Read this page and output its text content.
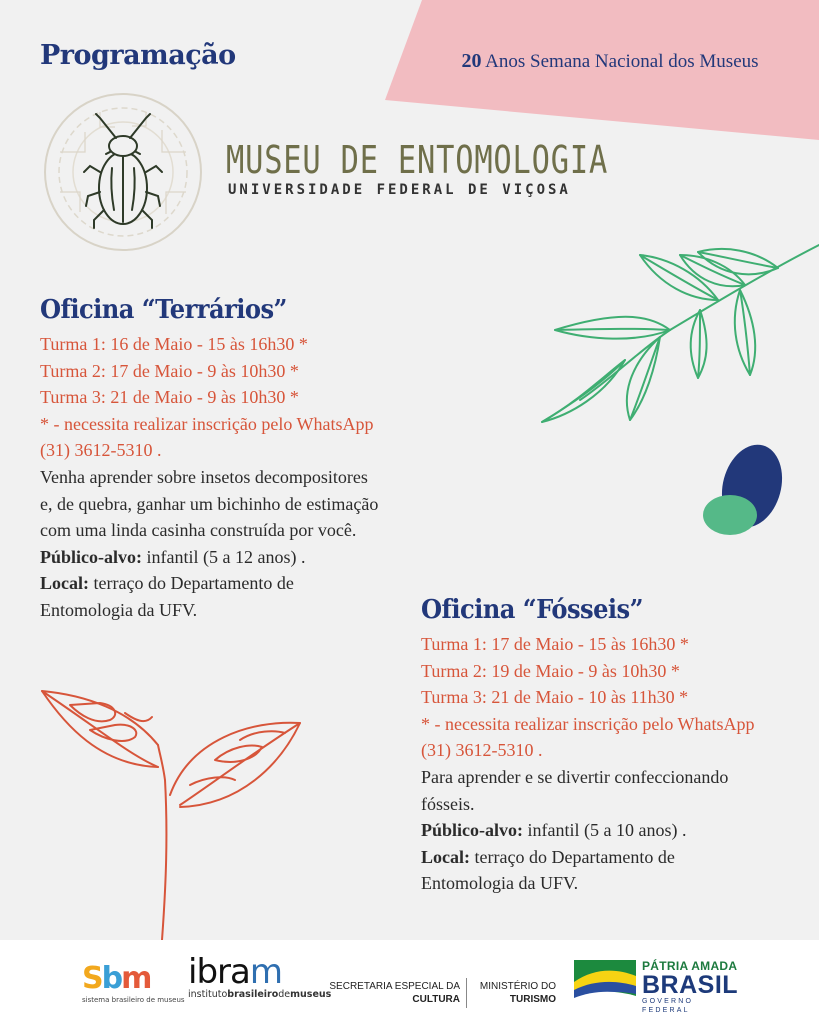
Programação	20 Anos Semana Nacional dos Museus
MUSEU DE ENTOMOLOGIA
UNIVERSIDADE FEDERAL DE VIÇOSA
Oficina “Terrários”
Turma 1: 16 de Maio - 15 às 16h30 *
Turma 2: 17 de Maio - 9 às 10h30 *
Turma 3: 21 de Maio - 9 às 10h30 *
* - necessita realizar inscrição pelo WhatsApp
(31) 3612-5310 .
Venha aprender sobre insetos decompositores
e, de quebra, ganhar um bichinho de estimação
com uma linda casinha construída por você.
Público-alvo: infantil (5 a 12 anos) .
Local: terraço do Departamento de
Entomologia da UFV.	Oficina “Fósseis”
Turma 1: 17 de Maio - 15 às 16h30 *
Turma 2: 19 de Maio - 9 às 10h30 *
Turma 3: 21 de Maio - 10 às 11h30 *
* - necessita realizar inscrição pelo WhatsApp
(31) 3612-5310 .
Para aprender e se divertir confeccionando
fósseis.
Público-alvo: infantil (5 a 10 anos) .
Local: terraço do Departamento de
Entomologia da UFV.
S b m
sistema brasileiro de museus
ibram
institutobrasileirodemuseus
SECRETARIA ESPECIAL DA
CULTURA
MINISTÉRIO DO
TURISMO
PÁTRIA AMADA
BRASIL
GOVERNO FEDERAL
